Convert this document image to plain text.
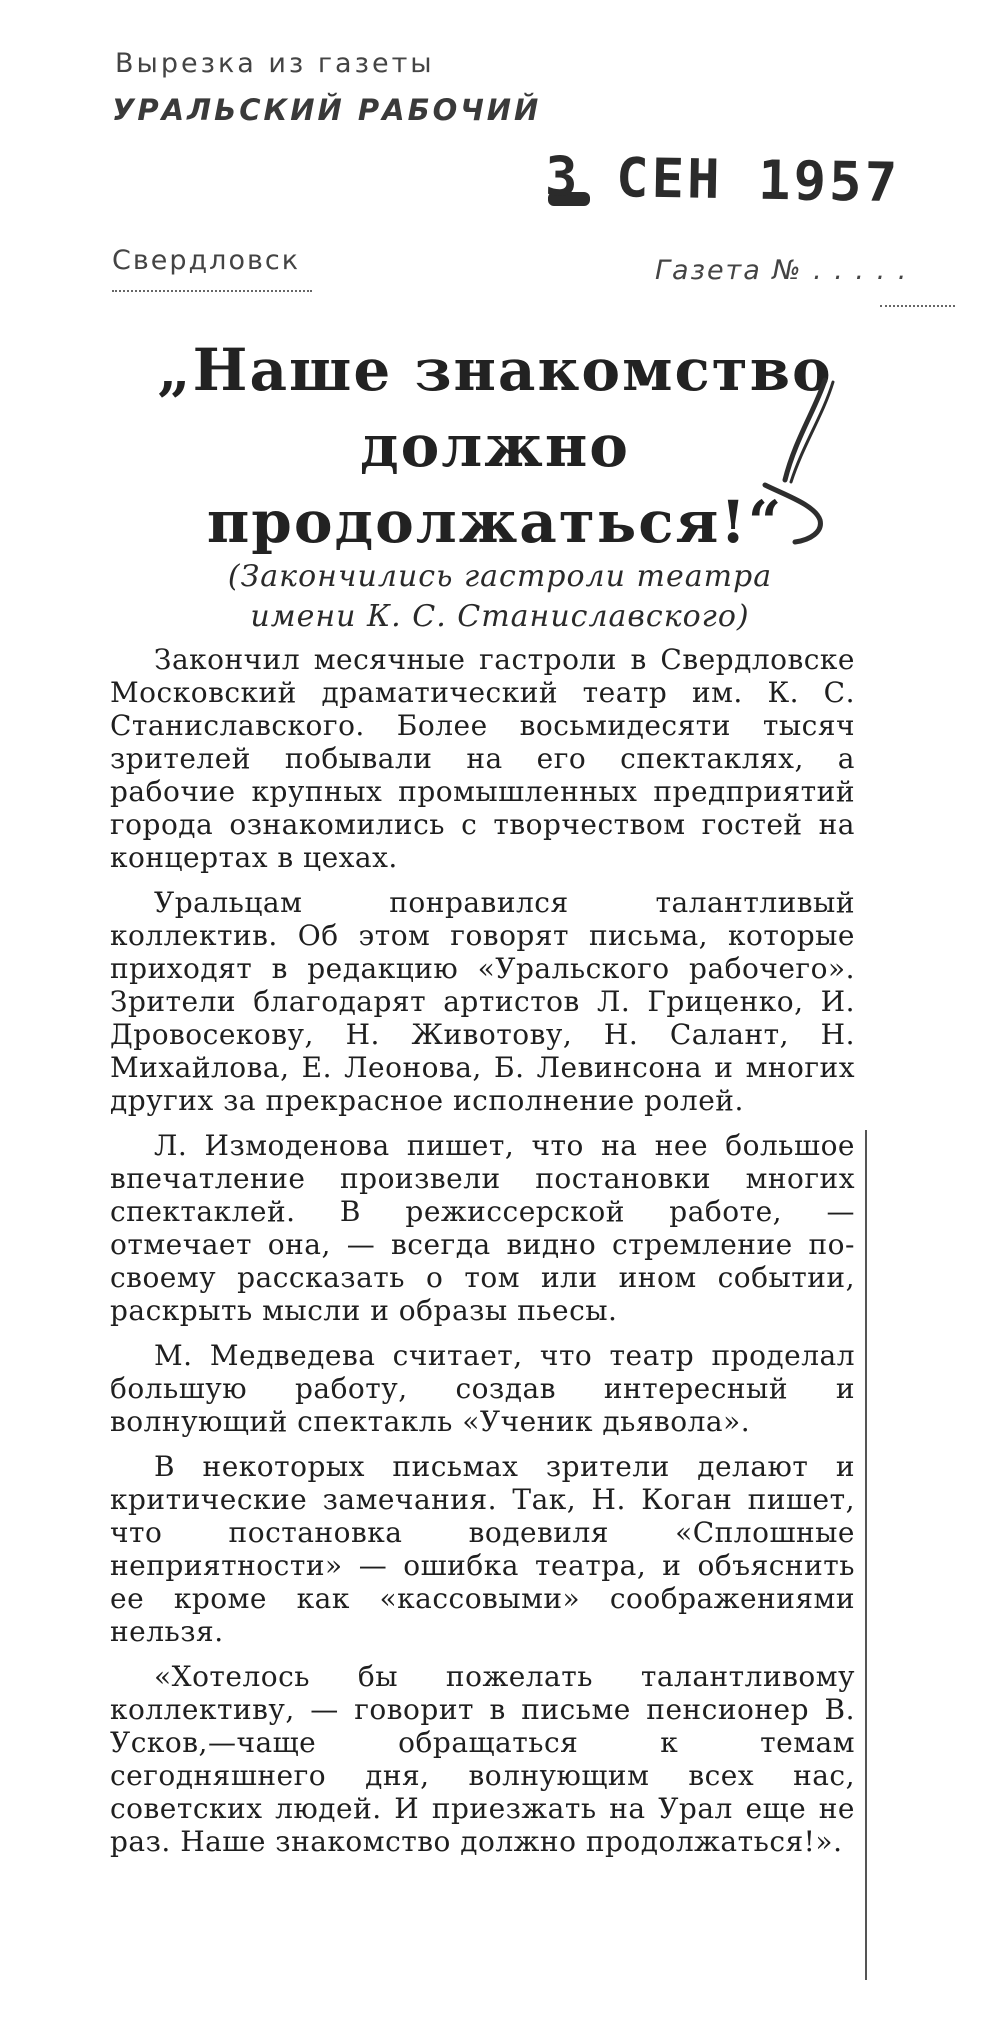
Вырезка из газеты
УРАЛЬСКИЙ РАБОЧИЙ
3 СЕН 1957
Свердловск	Газета № . . . . .
„Наше знакомство
должно
продолжаться!“
(Закончились гастроли театра
имени К. С. Станиславского)

Закончил месячные гастроли в Свердловске Московский драматический театр им. К. С. Станиславского. Более восьмидесяти тысяч зрителей побывали на его спектаклях, а рабочие крупных промышленных предприятий города ознакомились с творчеством гостей на концертах в цехах.

Уральцам понравился талантливый коллектив. Об этом говорят письма, которые приходят в редакцию «Уральского рабочего». Зрители благодарят артистов Л. Гриценко, И. Дровосекову, Н. Животову, Н. Салант, Н. Михайлова, Е. Леонова, Б. Левинсона и многих других за прекрасное исполнение ролей.

Л. Измоденова пишет, что на нее большое впечатление произвели постановки многих спектаклей. В режиссерской работе, — отмечает она, — всегда видно стремление по-своему рассказать о том или ином событии, раскрыть мысли и образы пьесы.

М. Медведева считает, что театр проделал большую работу, создав интересный и волнующий спектакль «Ученик дьявола».

В некоторых письмах зрители делают и критические замечания. Так, Н. Коган пишет, что постановка водевиля «Сплошные неприятности» — ошибка театра, и объяснить ее кроме как «кассовыми» соображениями нельзя.

«Хотелось бы пожелать талантливому коллективу, — говорит в письме пенсионер В. Усков,—чаще обращаться к темам сегодняшнего дня, волнующим всех нас, советских людей. И приезжать на Урал еще не раз. Наше знакомство должно продолжаться!».
